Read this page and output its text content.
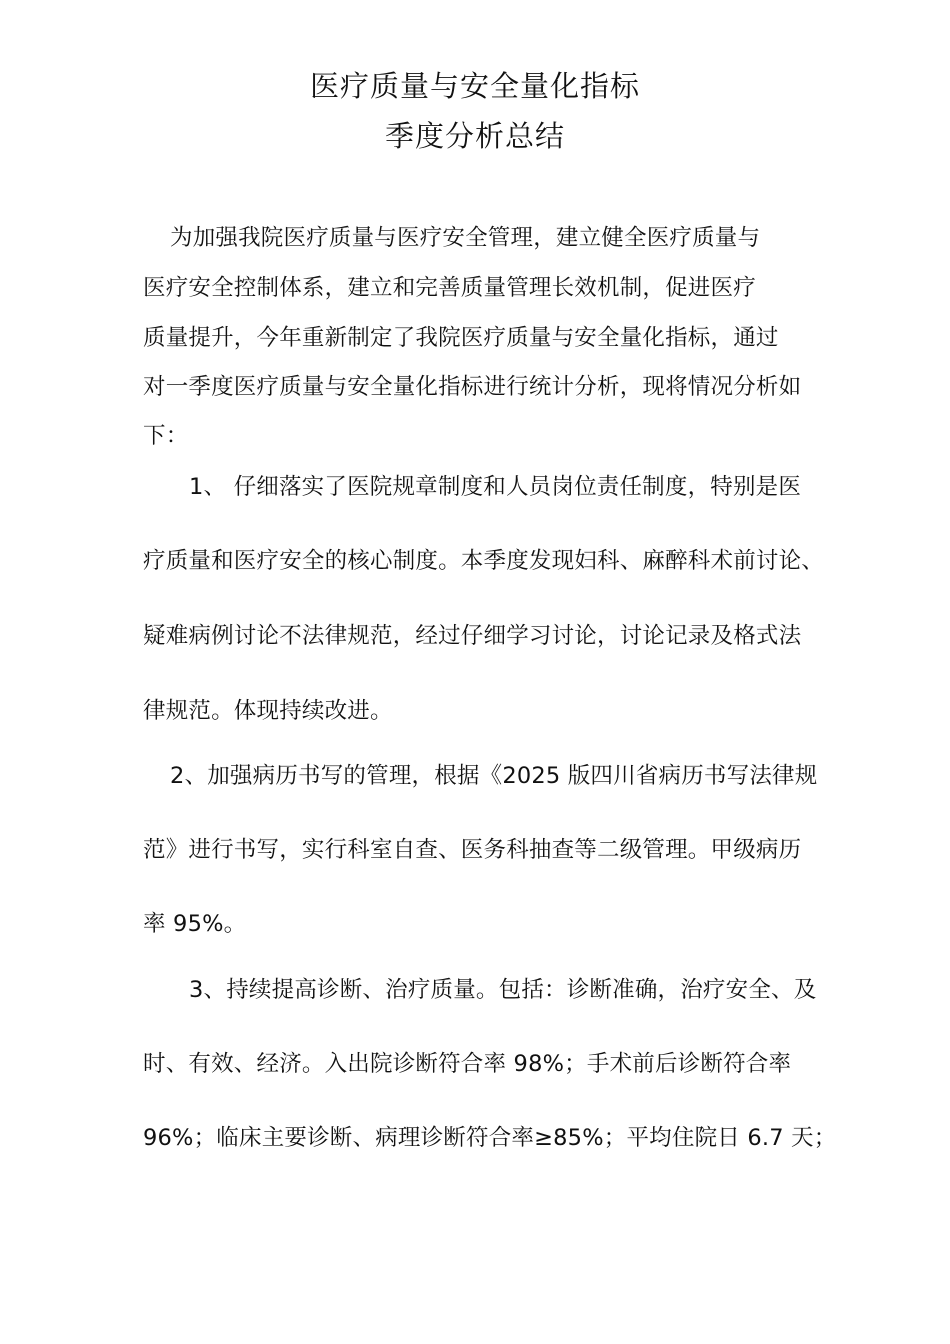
医疗质量与安全量化指标
季度分析总结
为加强我院医疗质量与医疗安全管理，建立健全医疗质量与
医疗安全控制体系，建立和完善质量管理长效机制，促进医疗
质量提升，今年重新制定了我院医疗质量与安全量化指标，通过
对一季度医疗质量与安全量化指标进行统计分析，现将情况分析如
下：
1、 仔细落实了医院规章制度和人员岗位责任制度，特别是医
疗质量和医疗安全的核心制度。本季度发现妇科、麻醉科术前讨论、
疑难病例讨论不法律规范，经过仔细学习讨论，讨论记录及格式法
律规范。体现持续改进。
2、加强病历书写的管理，根据《2025 版四川省病历书写法律规
范》进行书写，实行科室自查、医务科抽查等二级管理。甲级病历
率 95%。
3、持续提高诊断、治疗质量。包括：诊断准确，治疗安全、及
时、有效、经济。入出院诊断符合率 98%；手术前后诊断符合率
96%；临床主要诊断、病理诊断符合率≥85%；平均住院日 6.7 天；
